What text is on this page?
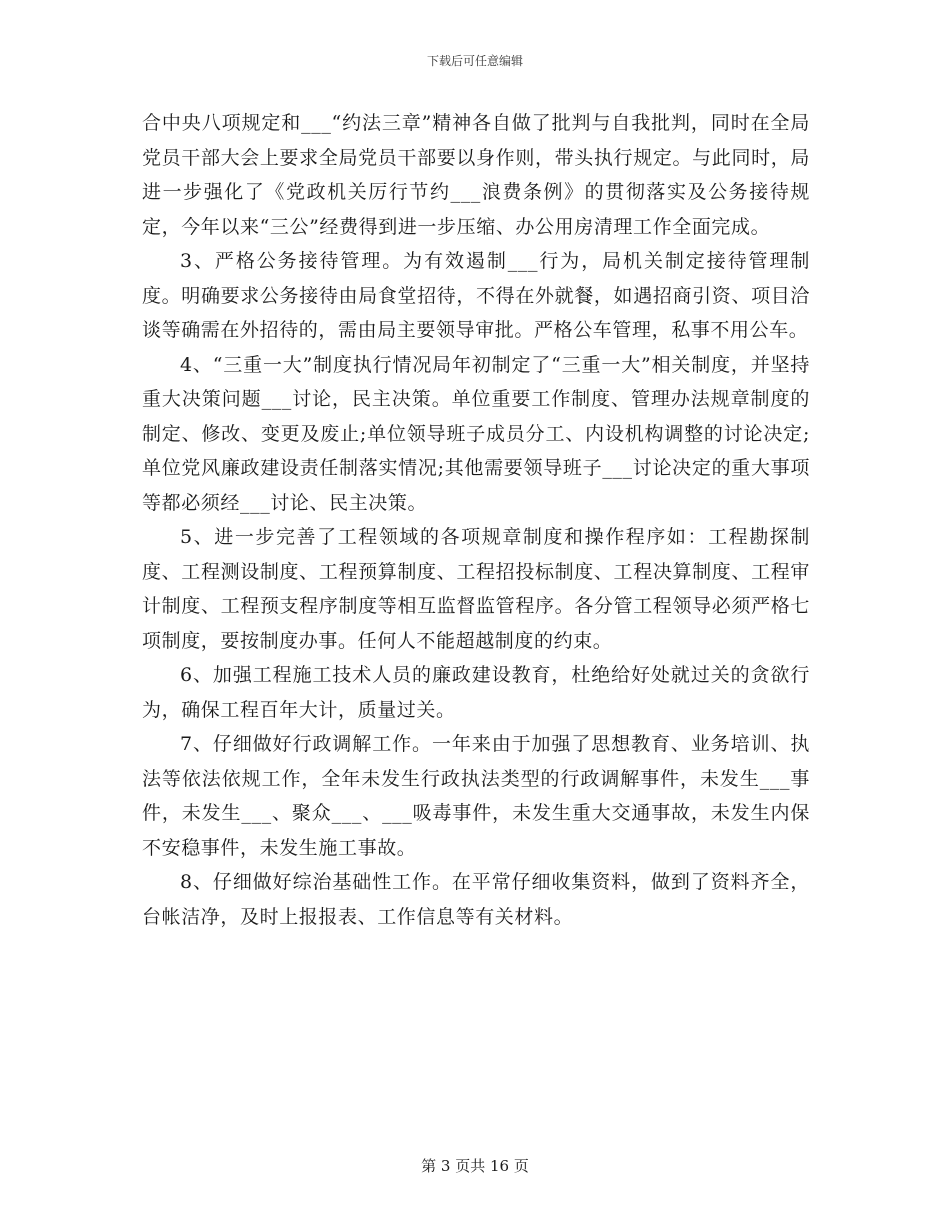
下载后可任意编辑

合中央八项规定和___“约法三章”精神各自做了批判与自我批判，同时在全局党员干部大会上要求全局党员干部要以身作则，带头执行规定。与此同时，局进一步强化了《党政机关厉行节约___浪费条例》的贯彻落实及公务接待规定，今年以来“三公”经费得到进一步压缩、办公用房清理工作全面完成。

3、严格公务接待管理。为有效遏制___行为，局机关制定接待管理制度。明确要求公务接待由局食堂招待，不得在外就餐，如遇招商引资、项目洽谈等确需在外招待的，需由局主要领导审批。严格公车管理，私事不用公车。

4、“三重一大”制度执行情况局年初制定了“三重一大”相关制度，并坚持重大决策问题___讨论，民主决策。单位重要工作制度、管理办法规章制度的制定、修改、变更及废止;单位领导班子成员分工、内设机构调整的讨论决定;单位党风廉政建设责任制落实情况;其他需要领导班子___讨论决定的重大事项等都必须经___讨论、民主决策。

5、进一步完善了工程领域的各项规章制度和操作程序如：工程勘探制度、工程测设制度、工程预算制度、工程招投标制度、工程决算制度、工程审计制度、工程预支程序制度等相互监督监管程序。各分管工程领导必须严格七项制度，要按制度办事。任何人不能超越制度的约束。

6、加强工程施工技术人员的廉政建设教育，杜绝给好处就过关的贪欲行为，确保工程百年大计，质量过关。

7、仔细做好行政调解工作。一年来由于加强了思想教育、业务培训、执法等依法依规工作，全年未发生行政执法类型的行政调解事件，未发生___事件，未发生___、聚众___、___吸毒事件，未发生重大交通事故，未发生内保不安稳事件，未发生施工事故。

8、仔细做好综治基础性工作。在平常仔细收集资料，做到了资料齐全，台帐洁净，及时上报报表、工作信息等有关材料。

第 3 页共 16 页
